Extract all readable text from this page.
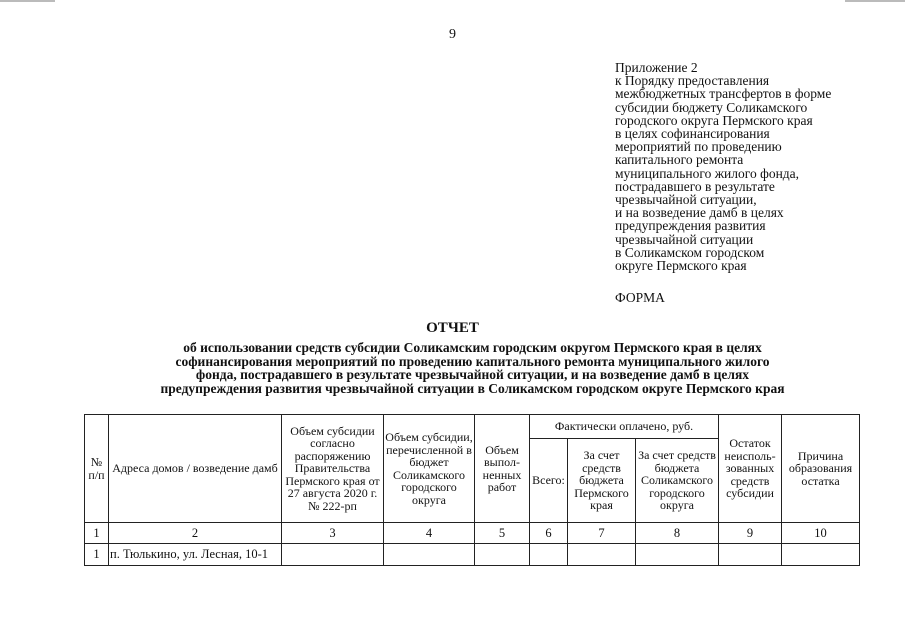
9
Приложение 2
к Порядку предоставления
межбюджетных трансфертов в форме
субсидии бюджету Соликамского
городского округа Пермского края
в целях софинансирования
мероприятий по проведению
капитального ремонта
муниципального жилого фонда,
пострадавшего в результате
чрезвычайной ситуации,
и на возведение дамб в целях
предупреждения развития
чрезвычайной ситуации
в Соликамском городском
округе Пермского края
ФОРМА
ОТЧЕТ
об использовании средств субсидии Соликамским городским округом Пермского края в целях
софинансирования мероприятий по проведению капитального ремонта муниципального жилого
фонда, пострадавшего в результате чрезвычайной ситуации, и на возведение дамб в целях
предупреждения развития чрезвычайной ситуации в Соликамском городском округе Пермского края
№ п/п	Адреса домов / возведение дамб	Объем субсидии согласно распоряжению Правительства Пермского края от 27 августа 2020 г. № 222-рп	Объем субсидии, перечисленной в бюджет Соликамского городского округа	Объем выпол-ненных работ	Фактически оплачено, руб.			Остаток неисполь-зованных средств субсидии	Причина образования остатка
					Всего:	За счет средств бюджета Пермского края	За счет средств бюджета Соликамского городского округа		
1	2	3	4	5	6	7	8	9	10
1	п. Тюлькино, ул. Лесная, 10-1								
